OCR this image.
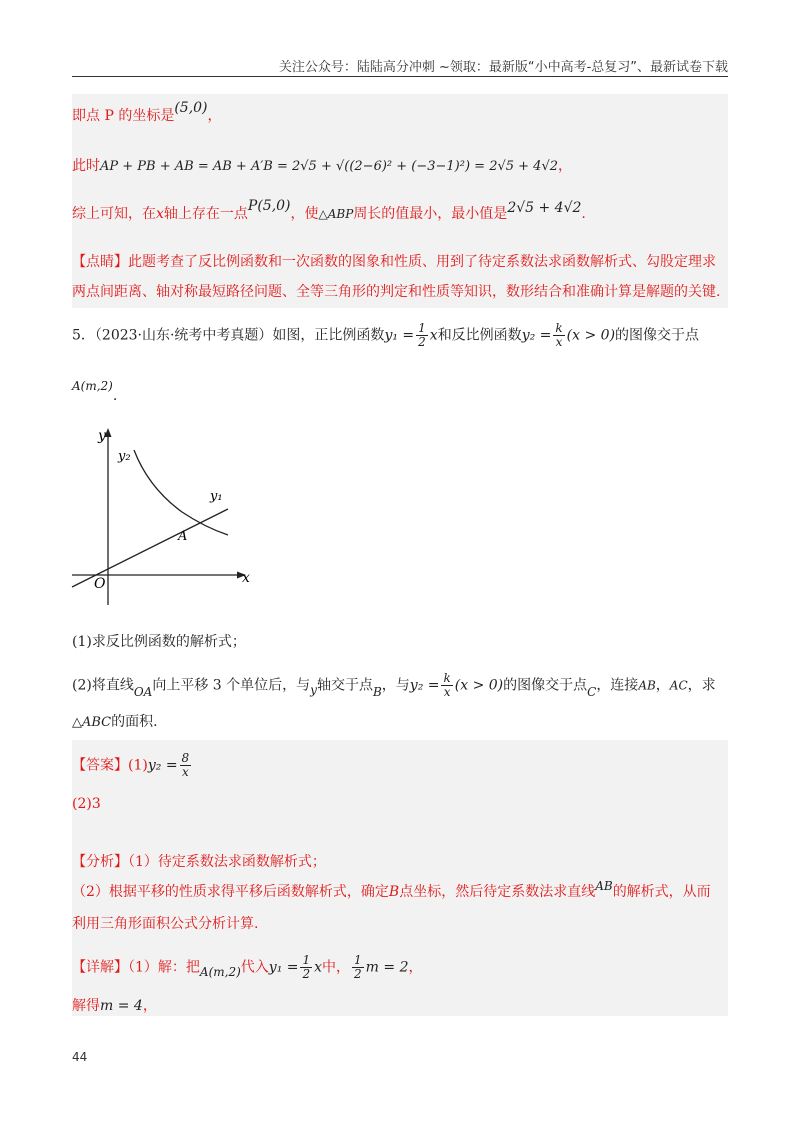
关注公众号：陆陆高分冲刺 ~领取：最新版“小中高考-总复习”、最新试卷下载
即点 P 的坐标是(5,0)，
此时AP + PB + AB = AB + A′B = 2√5 + √((2−6)² + (−3−1)²) = 2√5 + 4√2，
综上可知，在x轴上存在一点P(5,0)，使△ABP周长的值最小，最小值是2√5 + 4√2.
【点睛】此题考查了反比例函数和一次函数的图象和性质、用到了待定系数法求函数解析式、勾股定理求
两点间距离、轴对称最短路径问题、全等三角形的判定和性质等知识，数形结合和准确计算是解题的关键.
5．（2023·山东·统考中考真题）如图，正比例函数$y_1 = \frac{1}{2}$ x和反比例函数$y_2 = \frac{k}{x} (x > 0)$的图像交于点
A(m,2).
y
x
O
y₁
y₂
A
(1)求反比例函数的解析式；
(2)将直线OA向上平移 3 个单位后，与y轴交于点B，与$y_2 = \frac{k}{x} (x > 0)$的图像交于点C，连接AB，AC，求
△ABC的面积.
【答案】$(1)y_2 = \frac{8}{x}$
(2)3
【分析】（1）待定系数法求函数解析式；
（2）根据平移的性质求得平移后函数解析式，确定B点坐标，然后待定系数法求直线AB的解析式，从而
利用三角形面积公式分析计算.
【详解】（1）解：把A(m,2)代入$y_1 = \frac{1}{2}$ x中， $\frac{1}{2}$ m = 2，
解得m = 4，
44
